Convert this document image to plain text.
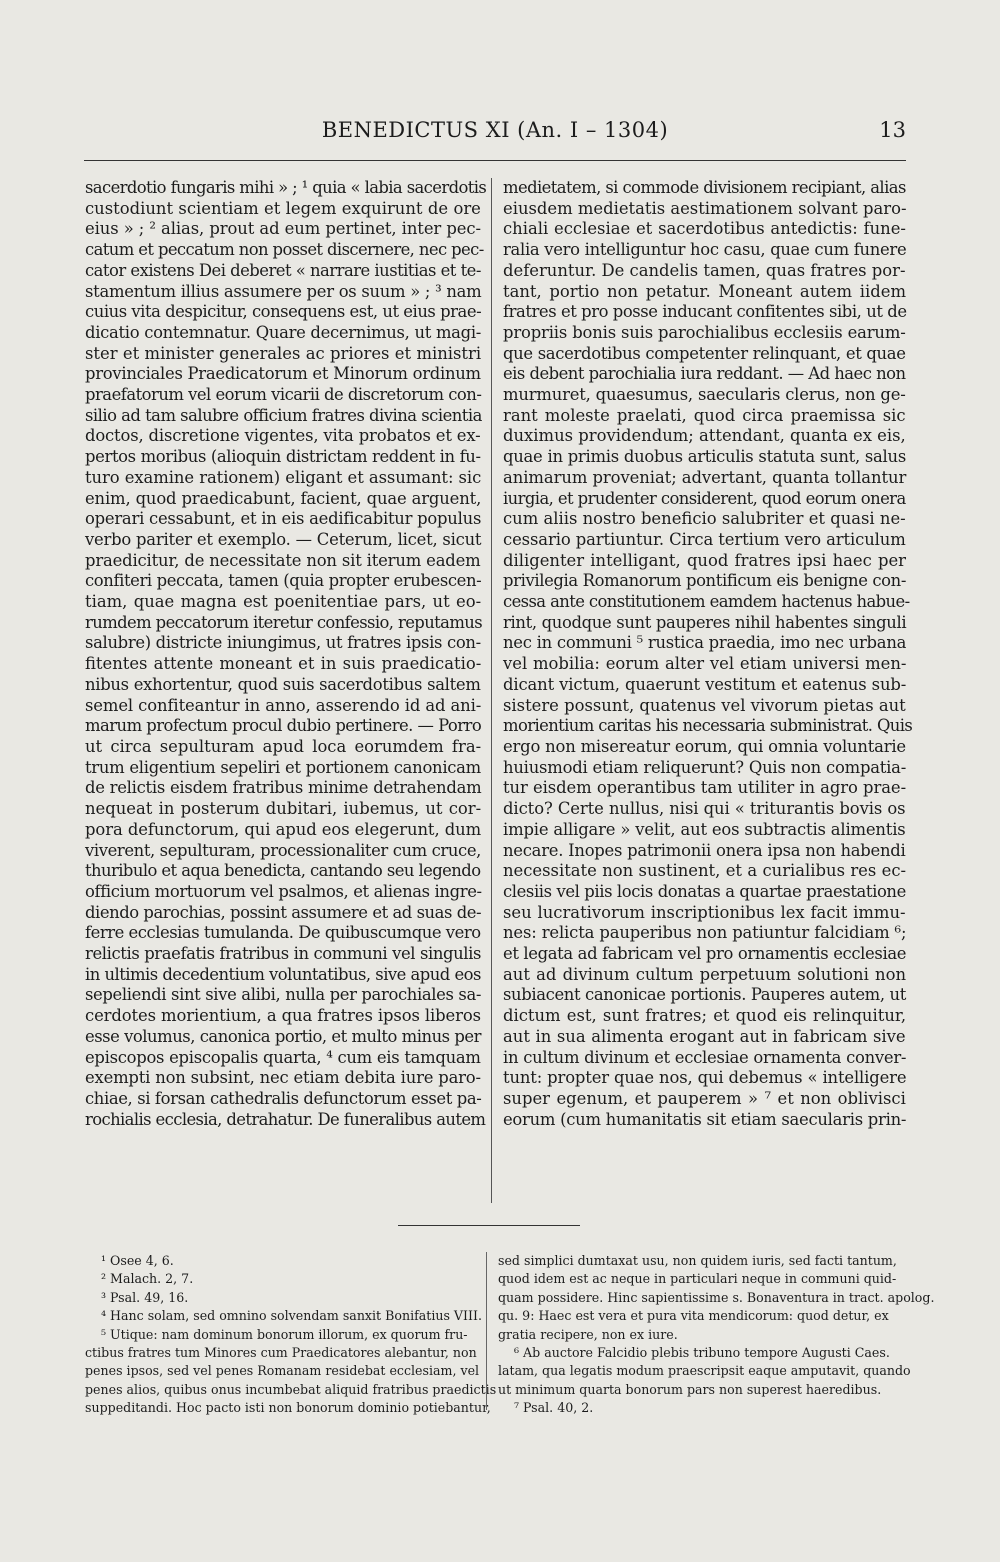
BENEDICTUS XI (An. I – 1304)	13

sacerdotio fungaris mihi » ; ¹ quia « labia sacerdotis

custodiunt scientiam et legem exquirunt de ore

eius » ; ² alias, prout ad eum pertinet, inter pec-

catum et peccatum non posset discernere, nec pec-

cator existens Dei deberet « narrare iustitias et te-

stamentum illius assumere per os suum » ; ³ nam

cuius vita despicitur, consequens est, ut eius prae-

dicatio contemnatur. Quare decernimus, ut magi-

ster et minister generales ac priores et ministri

provinciales Praedicatorum et Minorum ordinum

praefatorum vel eorum vicarii de discretorum con-

silio ad tam salubre officium fratres divina scientia

doctos, discretione vigentes, vita probatos et ex-

pertos moribus (alioquin districtam reddent in fu-

turo examine rationem) eligant et assumant: sic

enim, quod praedicabunt, facient, quae arguent,

operari cessabunt, et in eis aedificabitur populus

verbo pariter et exemplo. — Ceterum, licet, sicut

praedicitur, de necessitate non sit iterum eadem

confiteri peccata, tamen (quia propter erubescen-

tiam, quae magna est poenitentiae pars, ut eo-

rumdem peccatorum iteretur confessio, reputamus

salubre) districte iniungimus, ut fratres ipsis con-

fitentes attente moneant et in suis praedicatio-

nibus exhortentur, quod suis sacerdotibus saltem

semel confiteantur in anno, asserendo id ad ani-

marum profectum procul dubio pertinere. — Porro

ut circa sepulturam apud loca eorumdem fra-

trum eligentium sepeliri et portionem canonicam

de relictis eisdem fratribus minime detrahendam

nequeat in posterum dubitari, iubemus, ut cor-

pora defunctorum, qui apud eos elegerunt, dum

viverent, sepulturam, processionaliter cum cruce,

thuribulo et aqua benedicta, cantando seu legendo

officium mortuorum vel psalmos, et alienas ingre-

diendo parochias, possint assumere et ad suas de-

ferre ecclesias tumulanda. De quibuscumque vero

relictis praefatis fratribus in communi vel singulis

in ultimis decedentium voluntatibus, sive apud eos

sepeliendi sint sive alibi, nulla per parochiales sa-

cerdotes morientium, a qua fratres ipsos liberos

esse volumus, canonica portio, et multo minus per

episcopos episcopalis quarta, ⁴ cum eis tamquam

exempti non subsint, nec etiam debita iure paro-

chiae, si forsan cathedralis defunctorum esset pa-

rochialis ecclesia, detrahatur. De funeralibus autem

medietatem, si commode divisionem recipiant, alias

eiusdem medietatis aestimationem solvant paro-

chiali ecclesiae et sacerdotibus antedictis: fune-

ralia vero intelliguntur hoc casu, quae cum funere

deferuntur. De candelis tamen, quas fratres por-

tant, portio non petatur. Moneant autem iidem

fratres et pro posse inducant confitentes sibi, ut de

propriis bonis suis parochialibus ecclesiis earum-

que sacerdotibus competenter relinquant, et quae

eis debent parochialia iura reddant. — Ad haec non

murmuret, quaesumus, saecularis clerus, non ge-

rant moleste praelati, quod circa praemissa sic

duximus providendum; attendant, quanta ex eis,

quae in primis duobus articulis statuta sunt, salus

animarum proveniat; advertant, quanta tollantur

iurgia, et prudenter considerent, quod eorum onera

cum aliis nostro beneficio salubriter et quasi ne-

cessario partiuntur. Circa tertium vero articulum

diligenter intelligant, quod fratres ipsi haec per

privilegia Romanorum pontificum eis benigne con-

cessa ante constitutionem eamdem hactenus habue-

rint, quodque sunt pauperes nihil habentes singuli

nec in communi ⁵ rustica praedia, imo nec urbana

vel mobilia: eorum alter vel etiam universi men-

dicant victum, quaerunt vestitum et eatenus sub-

sistere possunt, quatenus vel vivorum pietas aut

morientium caritas his necessaria subministrat. Quis

ergo non misereatur eorum, qui omnia voluntarie

huiusmodi etiam reliquerunt? Quis non compatia-

tur eisdem operantibus tam utiliter in agro prae-

dicto? Certe nullus, nisi qui « triturantis bovis os

impie alligare » velit, aut eos subtractis alimentis

necare. Inopes patrimonii onera ipsa non habendi

necessitate non sustinent, et a curialibus res ec-

clesiis vel piis locis donatas a quartae praestatione

seu lucrativorum inscriptionibus lex facit immu-

nes: relicta pauperibus non patiuntur falcidiam ⁶;

et legata ad fabricam vel pro ornamentis ecclesiae

aut ad divinum cultum perpetuum solutioni non

subiacent canonicae portionis. Pauperes autem, ut

dictum est, sunt fratres; et quod eis relinquitur,

aut in sua alimenta erogant aut in fabricam sive

in cultum divinum et ecclesiae ornamenta conver-

tunt: propter quae nos, qui debemus « intelligere

super egenum, et pauperem » ⁷ et non oblivisci

eorum (cum humanitatis sit etiam saecularis prin-

¹ Osee 4, 6.

² Malach. 2, 7.

³ Psal. 49, 16.

⁴ Hanc solam, sed omnino solvendam sanxit Bonifatius VIII.

⁵ Utique: nam dominum bonorum illorum, ex quorum fru-

ctibus fratres tum Minores cum Praedicatores alebantur, non

penes ipsos, sed vel penes Romanam residebat ecclesiam, vel

penes alios, quibus onus incumbebat aliquid fratribus praedictis

suppeditandi. Hoc pacto isti non bonorum dominio potiebantur,

sed simplici dumtaxat usu, non quidem iuris, sed facti tantum,

quod idem est ac neque in particulari neque in communi quid-

quam possidere. Hinc sapientissime s. Bonaventura in tract. apolog.

qu. 9: Haec est vera et pura vita mendicorum: quod detur, ex

gratia recipere, non ex iure.

⁶ Ab auctore Falcidio plebis tribuno tempore Augusti Caes.

latam, qua legatis modum praescripsit eaque amputavit, quando

ut minimum quarta bonorum pars non superest haeredibus.

⁷ Psal. 40, 2.
